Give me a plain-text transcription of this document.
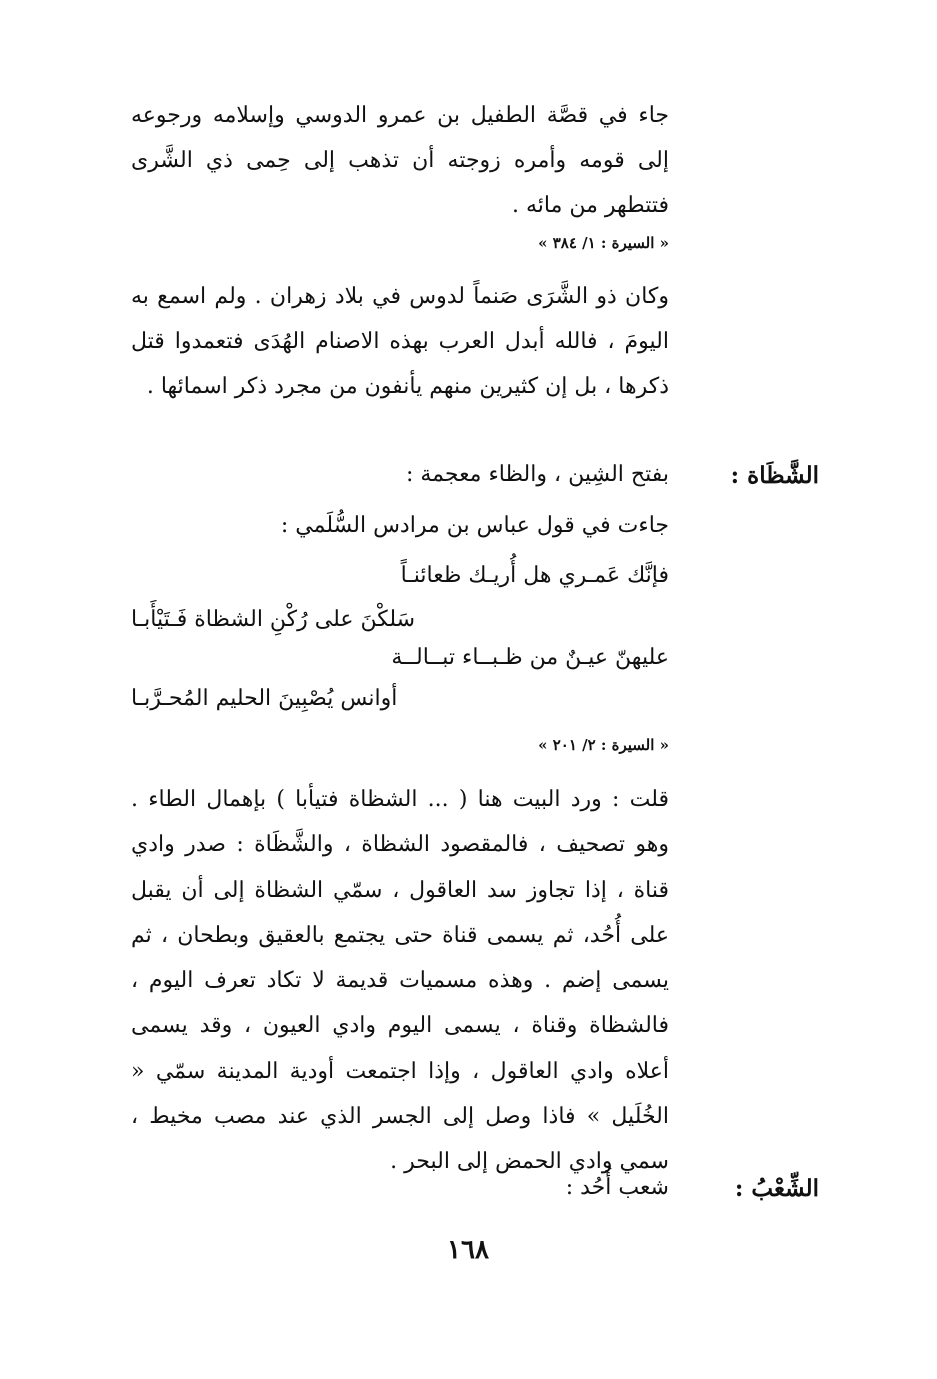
جاء في قصَّة الطفيل بن عمرو الدوسي وإسلامه ورجوعه إلى قومه وأمره زوجته أن تذهب إلى حِمى ذي الشَّرى فتتطهر من مائه .
« السيرة : ١/ ٣٨٤ »
وكان ذو الشَّرَى صَنماً لدوس في بلاد زهران . ولم اسمع به اليومَ ، فالله أبدل العرب بهذه الاصنام الهُدَى فتعمدوا قتل ذكرها ، بل إن كثيرين منهم يأنفون من مجرد ذكر اسمائها .
الشَّظَاة :
بفتح الشِين ، والظاء معجمة :
جاءت في قول عباس بن مرادس السُّلَمي :
فإنَّك عَمـري هل أُريـك ظعائنـاً
سَلكْنَ على رُكْنِ الشظاة فَـتَيْأَبـا
عليهنّ عيـنٌ من ظـبــاء تبــالــة
أوانس يُصْبِينَ الحليم المُحـرَّبـا
« السيرة : ٢/ ٢٠١ »
قلت : ورد البيت هنا ( ... الشظاة فتيأبا ) بإهمال الطاء . وهو تصحيف ، فالمقصود الشظاة ، والشَّظَاة : صدر وادي قناة ، إذا تجاوز سد العاقول ، سمّي الشظاة إلى أن يقبل على أُحُد، ثم يسمى قناة حتى يجتمع بالعقيق وبطحان ، ثم يسمى إضم . وهذه مسميات قديمة لا تكاد تعرف اليوم ، فالشظاة وقناة ، يسمى اليوم وادي العيون ، وقد يسمى أعلاه وادي العاقول ، وإذا اجتمعت أودية المدينة سمّي « الخُلَيل » فاذا وصل إلى الجسر الذي عند مصب مخيط ، سمي وادي الحمض إلى البحر .
الشِّعْبُ :
شعب أُحُد :
١٦٨
